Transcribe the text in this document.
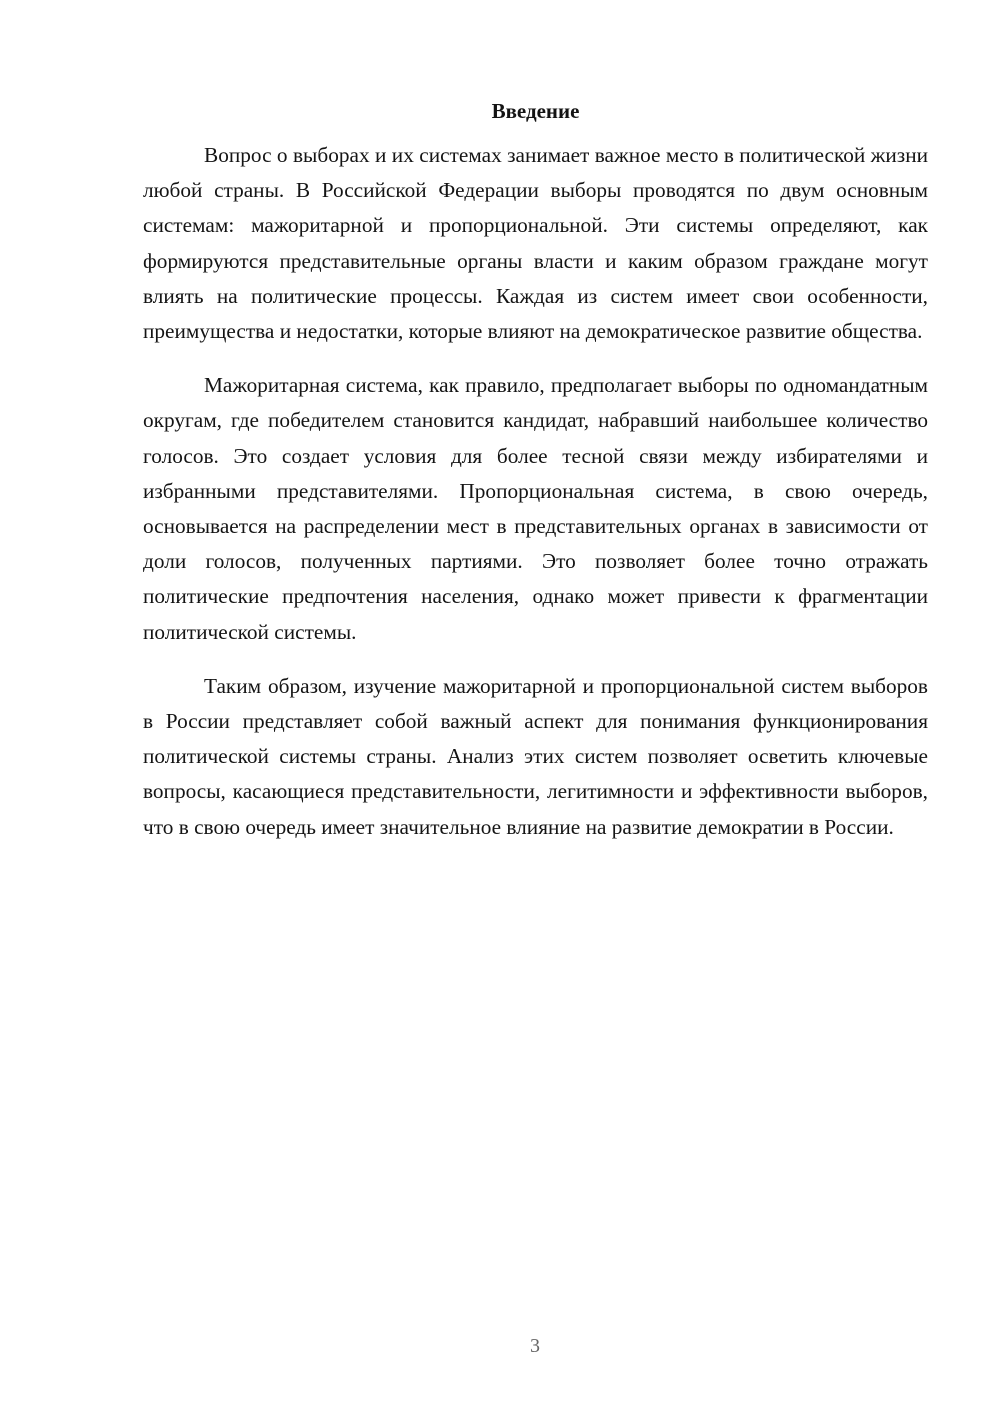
Введение

Вопрос о выборах и их системах занимает важное место в политической жизни любой страны. В Российской Федерации выборы проводятся по двум основным системам: мажоритарной и пропорциональной. Эти системы определяют, как формируются представительные органы власти и каким образом граждане могут влиять на политические процессы. Каждая из систем имеет свои особенности, преимущества и недостатки, которые влияют на демократическое развитие общества.

Мажоритарная система, как правило, предполагает выборы по одномандатным округам, где победителем становится кандидат, набравший наибольшее количество голосов. Это создает условия для более тесной связи между избирателями и избранными представителями. Пропорциональная система, в свою очередь, основывается на распределении мест в представительных органах в зависимости от доли голосов, полученных партиями. Это позволяет более точно отражать политические предпочтения населения, однако может привести к фрагментации политической системы.

Таким образом, изучение мажоритарной и пропорциональной систем выборов в России представляет собой важный аспект для понимания функционирования политической системы страны. Анализ этих систем позволяет осветить ключевые вопросы, касающиеся представительности, легитимности и эффективности выборов, что в свою очередь имеет значительное влияние на развитие демократии в России.

3
